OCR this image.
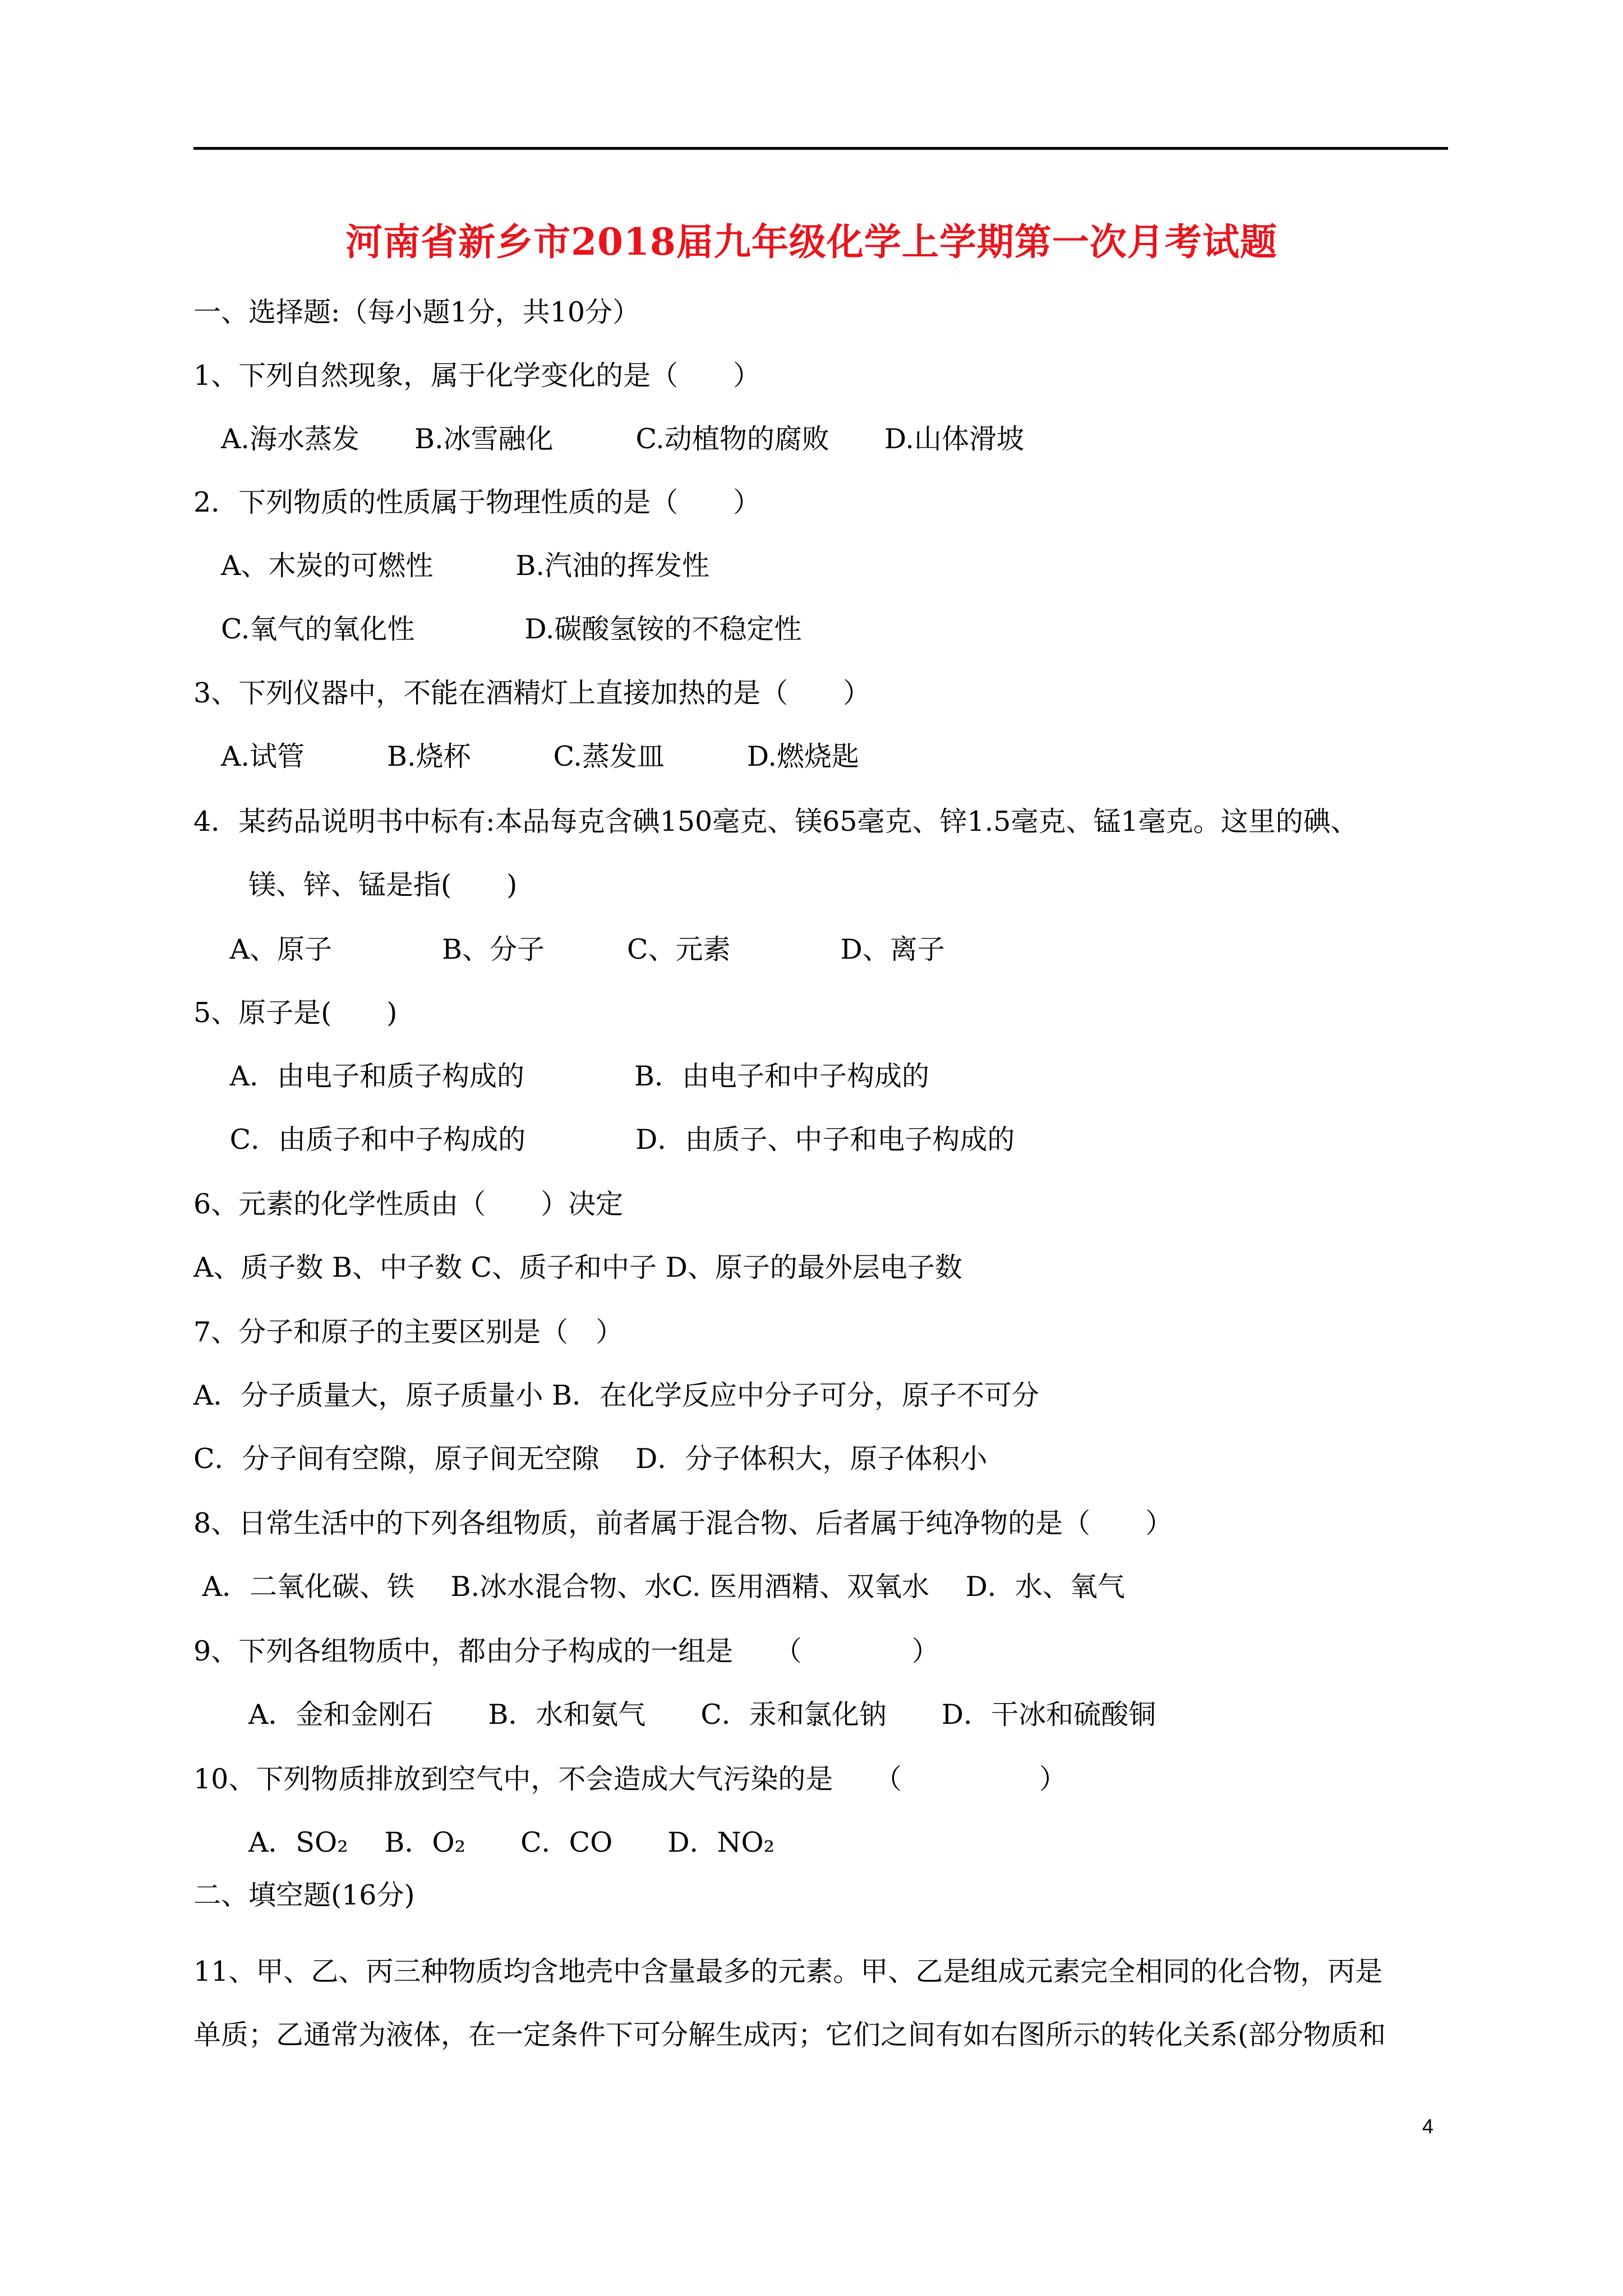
河南省新乡市2018届九年级化学上学期第一次月考试题
一、选择题:（每小题1分，共10分）
1、下列自然现象，属于化学变化的是（　　）
　A.海水蒸发　　B.冰雪融化　　　C.动植物的腐败　　D.山体滑坡
2．下列物质的性质属于物理性质的是（　　）
　A、木炭的可燃性　　　B.汽油的挥发性
　C.氧气的氧化性　　　　D.碳酸氢铵的不稳定性
3、下列仪器中，不能在酒精灯上直接加热的是（　　）
　A.试管　　　B.烧杯　　　C.蒸发皿　　　D.燃烧匙
4．某药品说明书中标有:本品每克含碘150毫克、镁65毫克、锌1.5毫克、锰1毫克。这里的碘、
　　镁、锌、锰是指(　　)
　 A、原子　　　　B、分子　　　C、元素　　　　D、离子
5、原子是(　　)
　 A．由电子和质子构成的　　　　B．由电子和中子构成的
　 C．由质子和中子构成的　　　　D．由质子、中子和电子构成的
6、元素的化学性质由（　　）决定
A、质子数 B、中子数 C、质子和中子 D、原子的最外层电子数
7、分子和原子的主要区别是（　）
A．分子质量大，原子质量小 B．在化学反应中分子可分，原子不可分
C．分子间有空隙，原子间无空隙　 D．分子体积大，原子体积小
8、日常生活中的下列各组物质，前者属于混合物、后者属于纯净物的是（　　）
A．二氧化碳、铁　 B.冰水混合物、水C. 医用酒精、双氧水　 D．水、氧气
9、下列各组物质中，都由分子构成的一组是　　（　　　　）
　　A．金和金刚石　　B．水和氨气　　C．汞和氯化钠　　D．干冰和硫酸铜
10、下列物质排放到空气中，不会造成大气污染的是　　（　　　　　）
　　A．SO₂　 B．O₂　　C．CO　　D．NO₂
二、填空题(16分)
11、甲、乙、丙三种物质均含地壳中含量最多的元素。甲、乙是组成元素完全相同的化合物，丙是
单质；乙通常为液体，在一定条件下可分解生成丙；它们之间有如右图所示的转化关系(部分物质和
4
